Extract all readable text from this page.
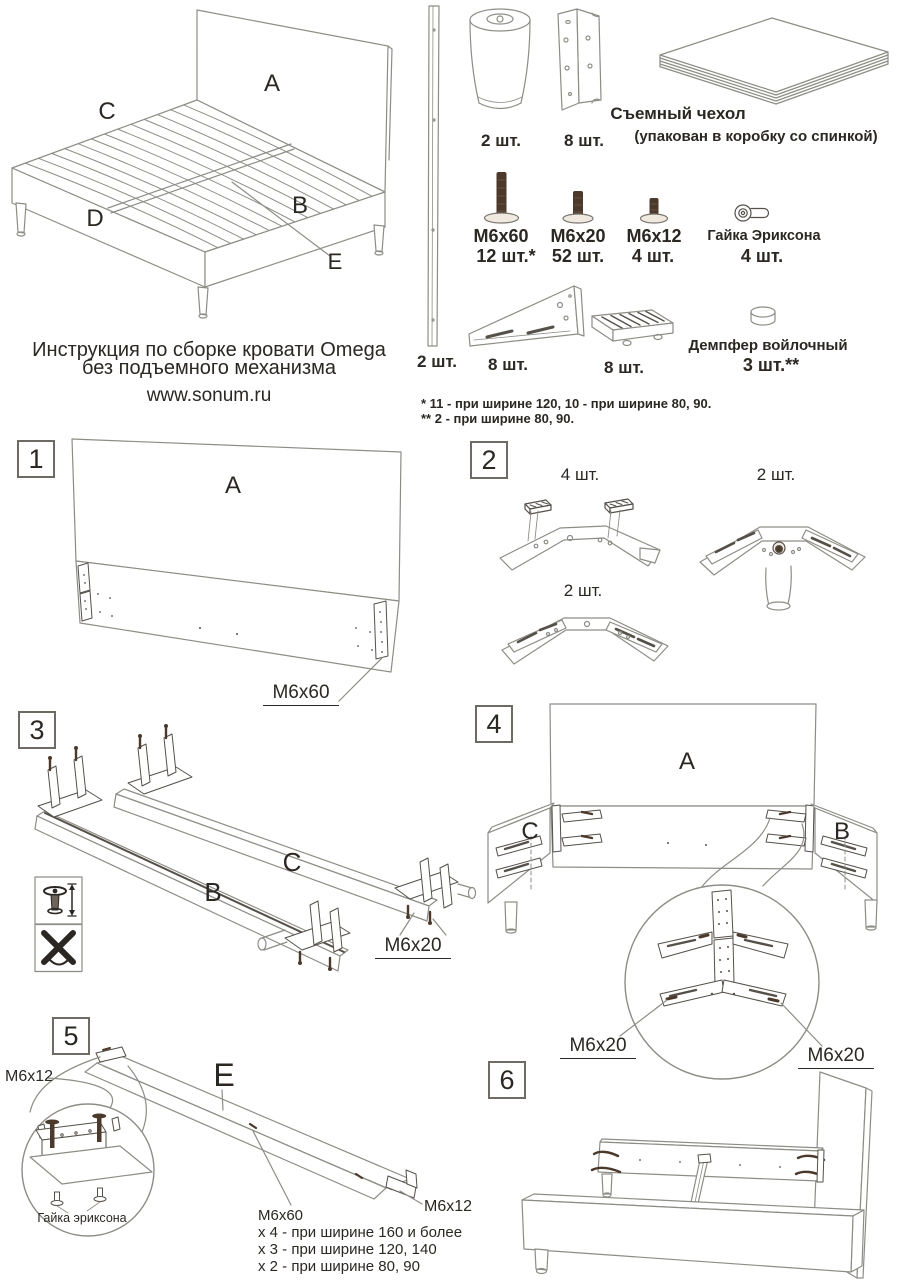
Инструкция по сборке кровати Omega
без подъемного механизма
www.sonum.ru
A
C
B
D
E
2 шт.
2 шт.	8 шт.
Съемный чехол
(упакован в коробку со спинкой)
M6x60
12 шт.*
M6x20
52 шт.
M6x12
4 шт.
Гайка Эриксона
4 шт.
8 шт.	8 шт.
Демпфер войлочный
3 шт.**
* 11 - при ширине 120, 10 - при ширине 80, 90.
** 2 - при ширине 80, 90.
1	2
3	4
5
6
A
M6x60
4 шт.	2 шт.
2 шт.
C
B
M6x20
A
C	B
M6x20	M6x20
E
M6x12
Гайка эриксона	M6x60
x 4 - при ширине 160 и более
x 3 - при ширине 120, 140
x 2 - при ширине 80, 90
M6x12
